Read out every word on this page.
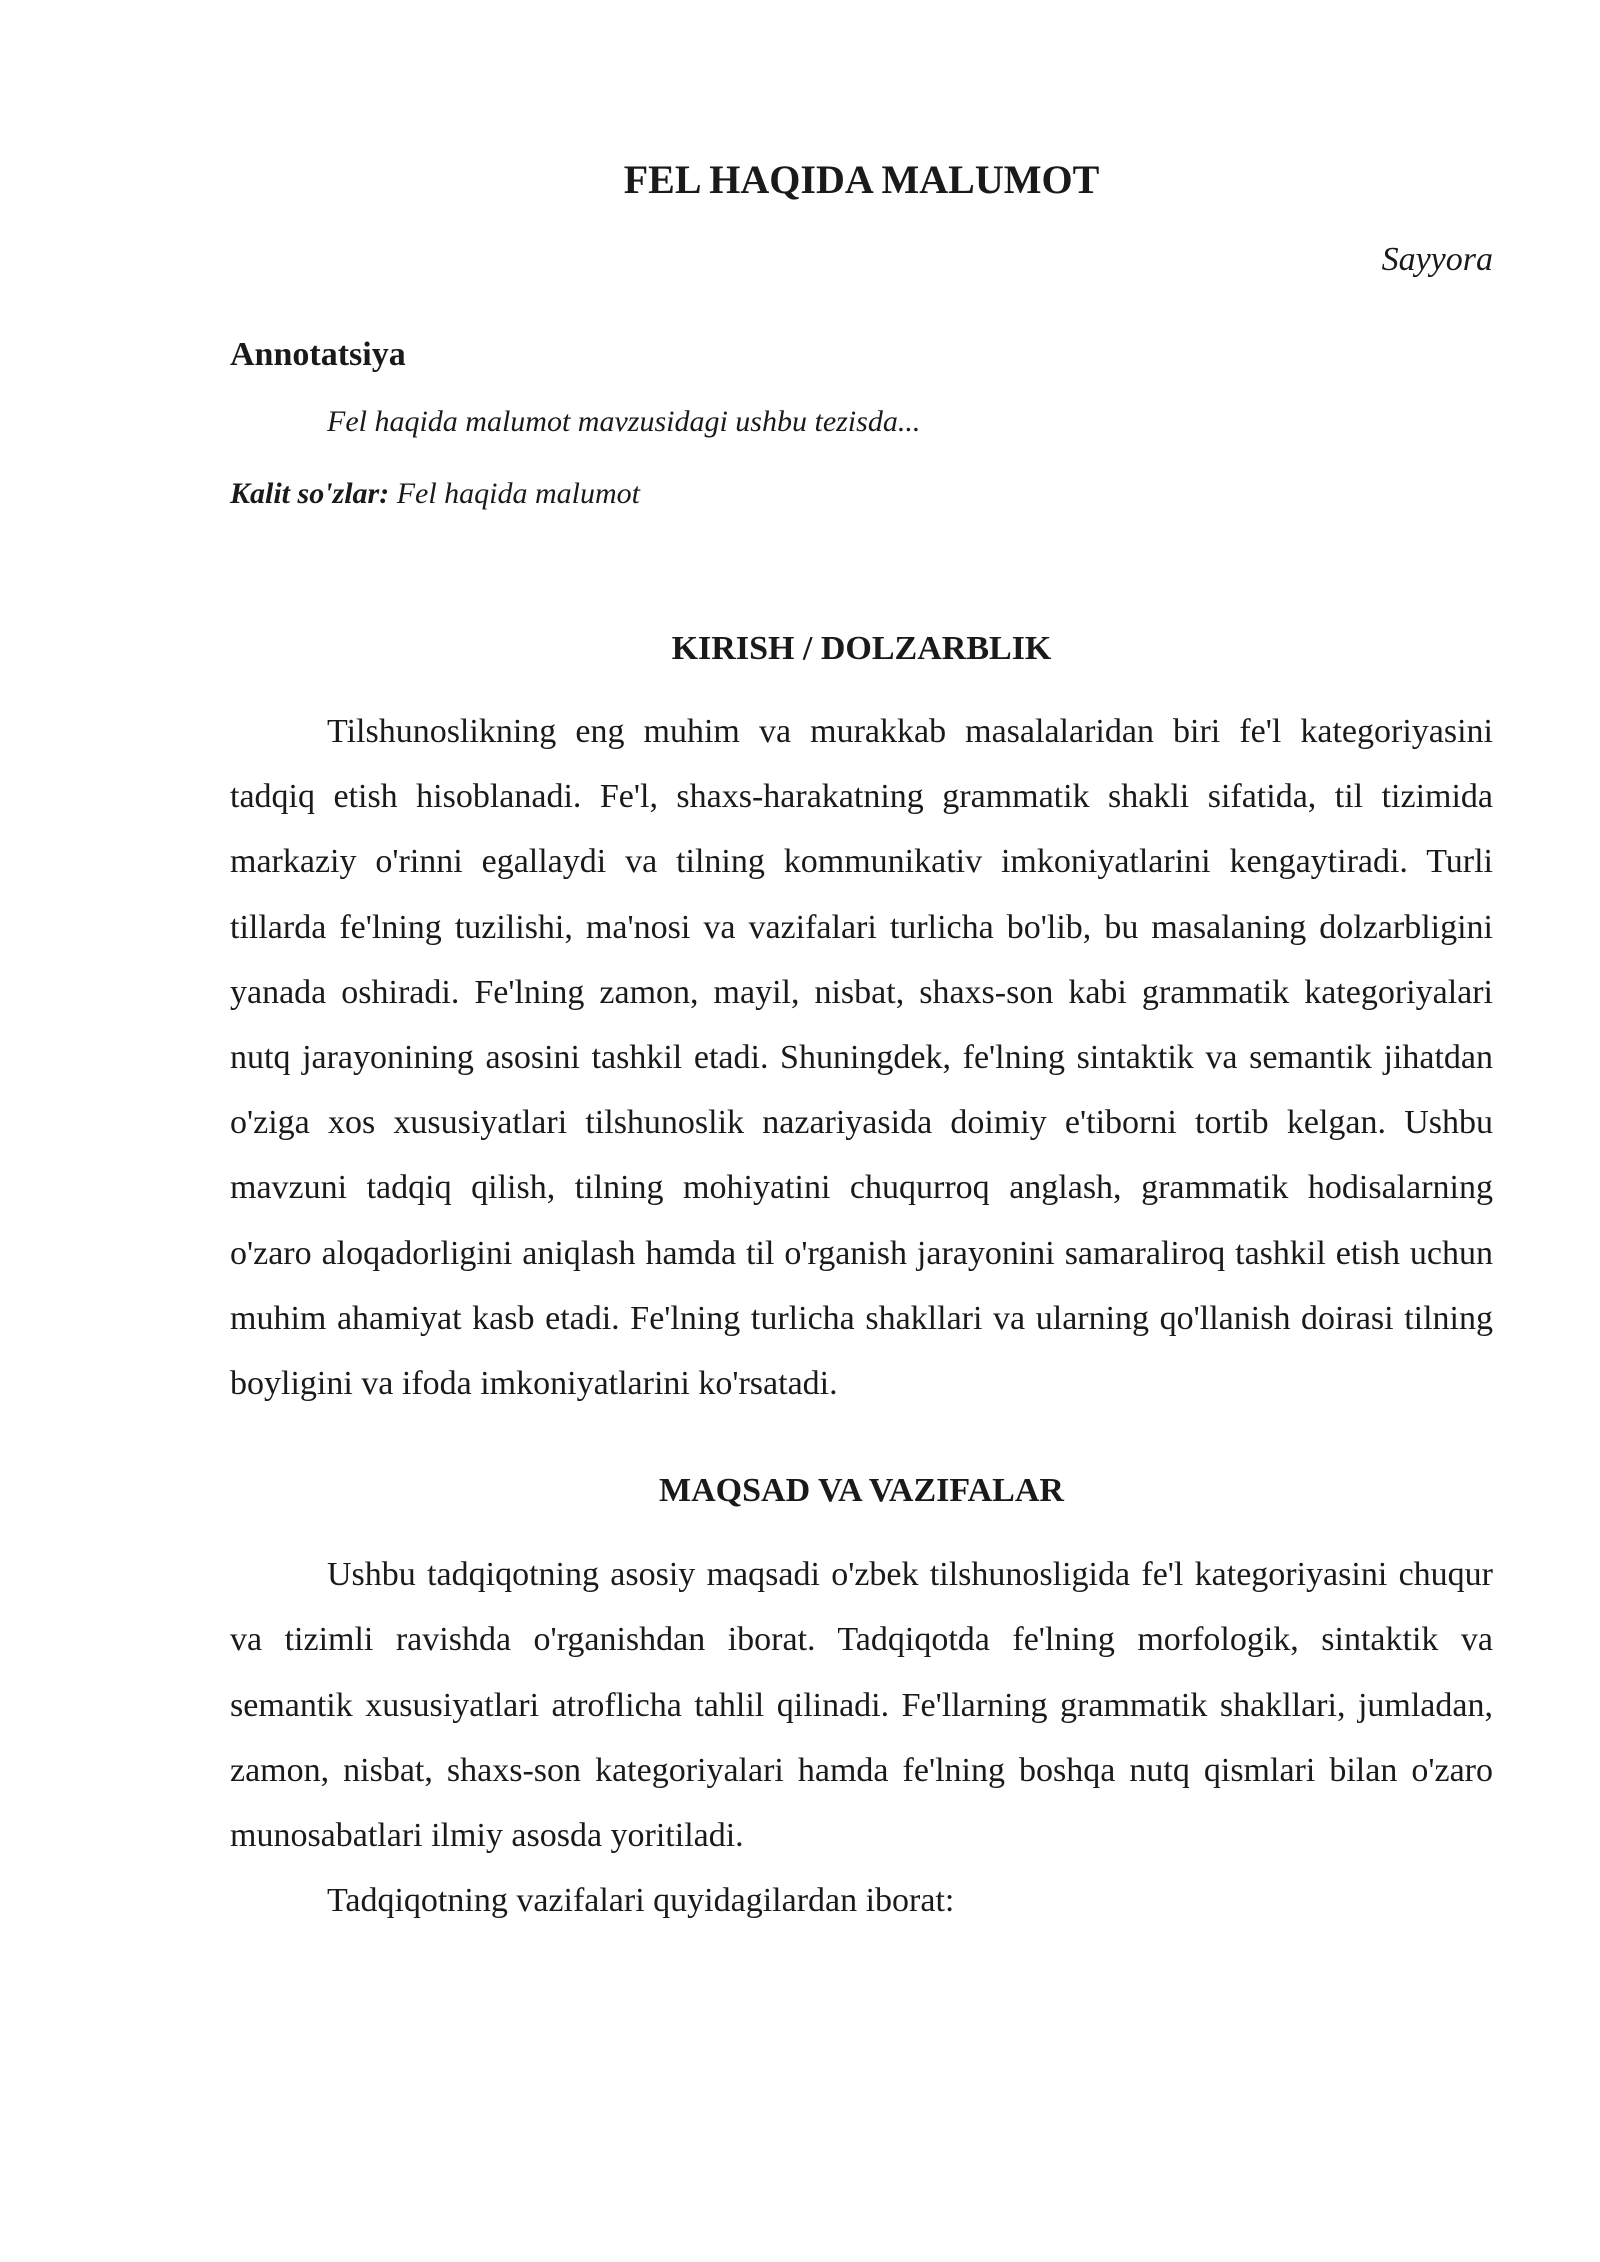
FEL HAQIDA MALUMOT
Sayyora
Annotatsiya
Fel haqida malumot mavzusidagi ushbu tezisda...
Kalit so'zlar: Fel haqida malumot
KIRISH / DOLZARBLIK

Tilshunoslikning eng muhim va murakkab masalalaridan biri fe'l kategoriyasini tadqiq etish hisoblanadi. Fe'l, shaxs-harakatning grammatik shakli sifatida, til tizimida markaziy o'rinni egallaydi va tilning kommunikativ imkoniyatlarini kengaytiradi. Turli tillarda fe'lning tuzilishi, ma'nosi va vazifalari turlicha bo'lib, bu masalaning dolzarbligini yanada oshiradi. Fe'lning zamon, mayil, nisbat, shaxs-son kabi grammatik kategoriyalari nutq jarayonining asosini tashkil etadi. Shuningdek, fe'lning sintaktik va semantik jihatdan o'ziga xos xususiyatlari tilshunoslik nazariyasida doimiy e'tiborni tortib kelgan. Ushbu mavzuni tadqiq qilish, tilning mohiyatini chuqurroq anglash, grammatik hodisalarning o'zaro aloqadorligini aniqlash hamda til o'rganish jarayonini samaraliroq tashkil etish uchun muhim ahamiyat kasb etadi. Fe'lning turlicha shakllari va ularning qo'llanish doirasi tilning boyligini va ifoda imkoniyatlarini ko'rsatadi.

MAQSAD VA VAZIFALAR

Ushbu tadqiqotning asosiy maqsadi o'zbek tilshunosligida fe'l kategoriyasini chuqur va tizimli ravishda o'rganishdan iborat. Tadqiqotda fe'lning morfologik, sintaktik va semantik xususiyatlari atroflicha tahlil qilinadi. Fe'llarning grammatik shakllari, jumladan, zamon, nisbat, shaxs-son kategoriyalari hamda fe'lning boshqa nutq qismlari bilan o'zaro munosabatlari ilmiy asosda yoritiladi.

Tadqiqotning vazifalari quyidagilardan iborat:
